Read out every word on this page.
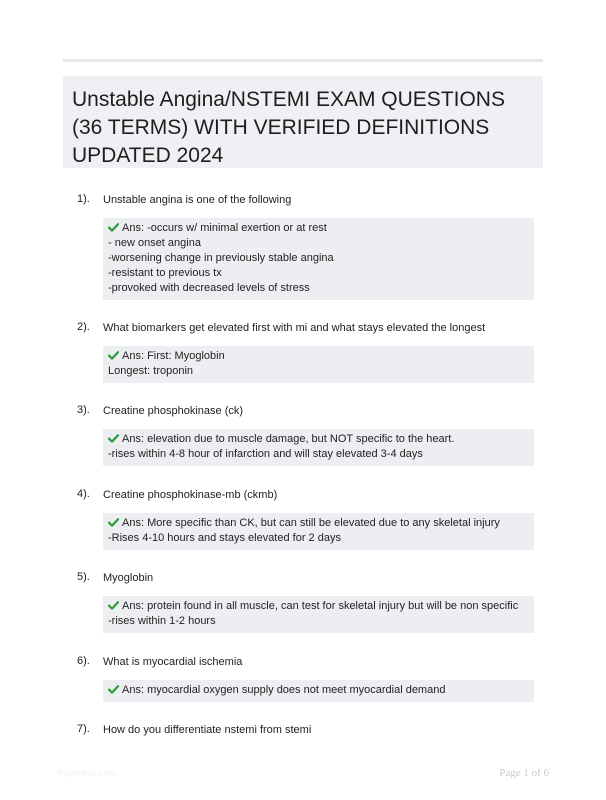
Unstable Angina/NSTEMI EXAM QUESTIONS (36 TERMS) WITH VERIFIED DEFINITIONS UPDATED 2024
1). Unstable angina is one of the following
Ans: -occurs w/ minimal exertion or at rest
- new onset angina
-worsening change in previously stable angina
-resistant to previous tx
-provoked with decreased levels of stress
2). What biomarkers get elevated first with mi and what stays elevated the longest
Ans: First: Myoglobin
Longest: troponin
3). Creatine phosphokinase (ck)
Ans: elevation due to muscle damage, but NOT specific to the heart.
-rises within 4-8 hour of infarction and will stay elevated 3-4 days
4). Creatine phosphokinase-mb (ckmb)
Ans: More specific than CK, but can still be elevated due to any skeletal injury
-Rises 4-10 hours and stays elevated for 2 days
5). Myoglobin
Ans: protein found in all muscle, can test for skeletal injury but will be non specific
-rises within 1-2 hours
6). What is myocardial ischemia
Ans: myocardial oxygen supply does not meet myocardial demand
7). How do you differentiate nstemi from stemi
Papertrail.com	Page 1 of 6
